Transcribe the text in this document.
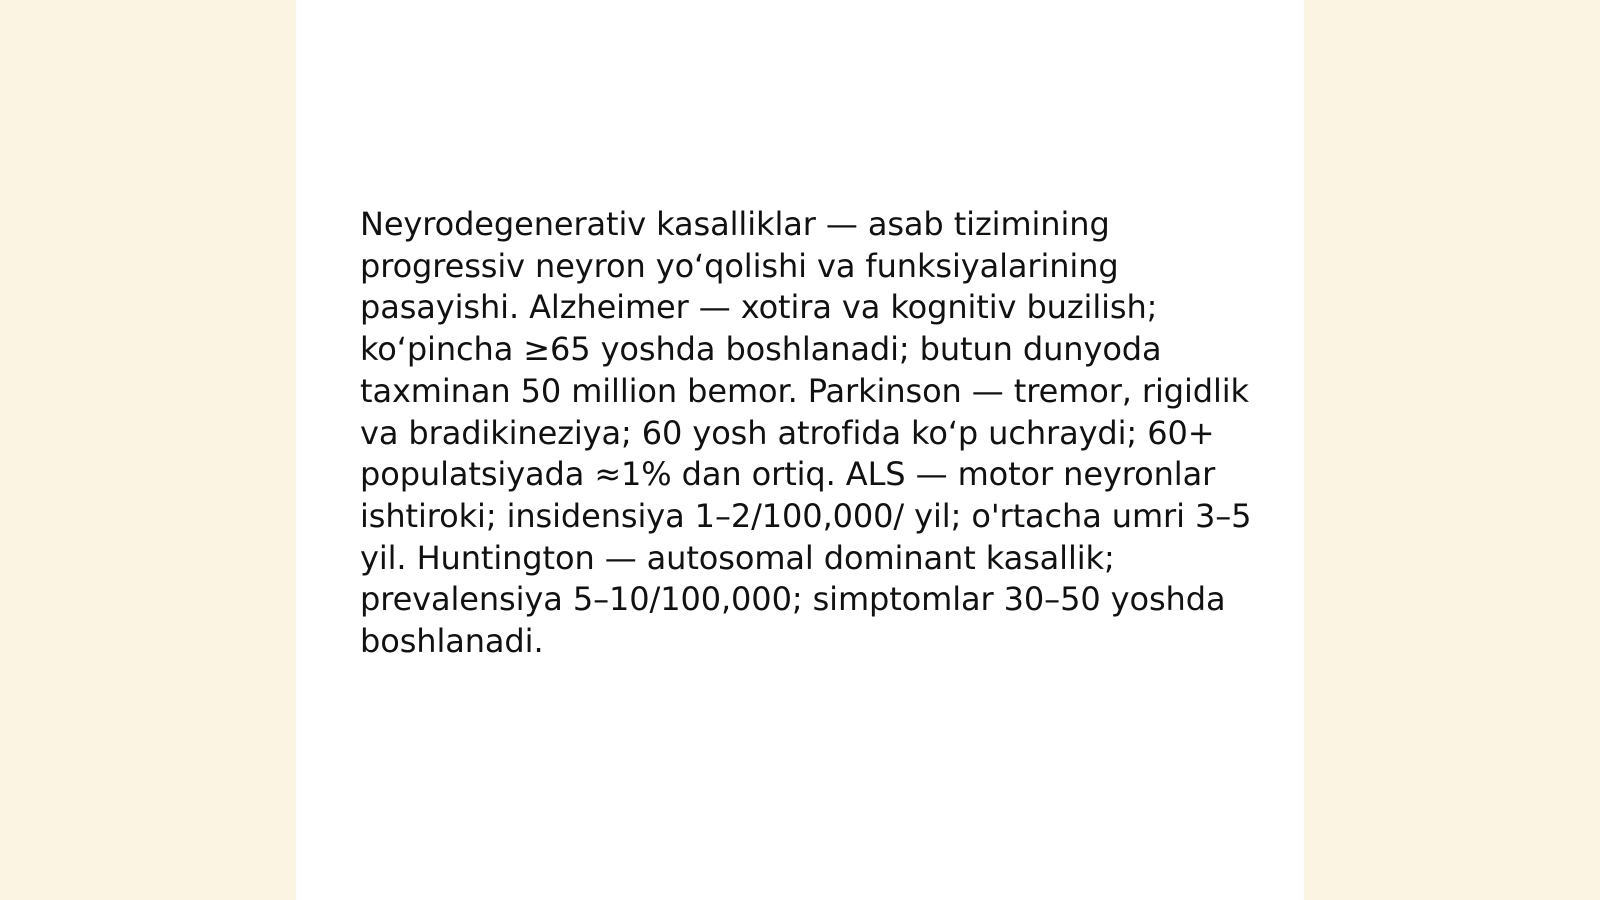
Neyrodegenerativ kasalliklar — asab tizimining progressiv neyron yoʻqolishi va funksiyalarining pasayishi. Alzheimer — xotira va kognitiv buzilish; koʻpincha ≥65 yoshda boshlanadi; butun dunyoda taxminan 50 million bemor. Parkinson — tremor, rigidlik va bradikineziya; 60 yosh atrofida koʻp uchraydi; 60+ populatsiyada ≈1% dan ortiq. ALS — motor neyronlar ishtiroki; insidensiya 1–2/100,000/ yil; o'rtacha umri 3–5 yil. Huntington — autosomal dominant kasallik; prevalensiya 5–10/100,000; simptomlar 30–50 yoshda boshlanadi.
